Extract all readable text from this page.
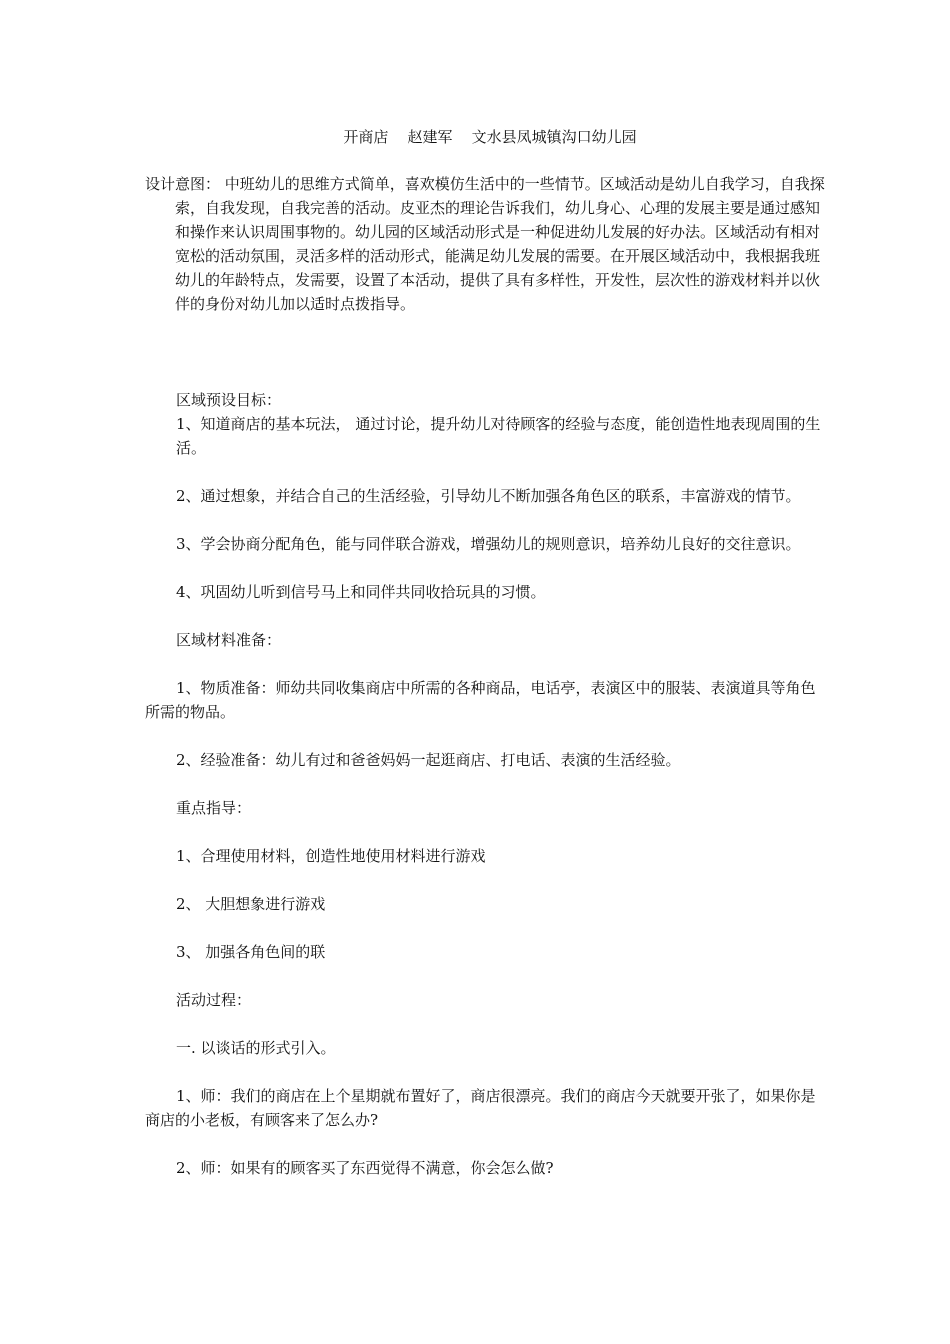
开商店    赵建军    文水县凤城镇沟口幼儿园

设计意图： 中班幼儿的思维方式简单，喜欢模仿生活中的一些情节。区域活动是幼儿自我学习，自我探索，自我发现，自我完善的活动。皮亚杰的理论告诉我们，幼儿身心、心理的发展主要是通过感知和操作来认识周围事物的。幼儿园的区域活动形式是一种促进幼儿发展的好办法。区域活动有相对宽松的活动氛围，灵活多样的活动形式，能满足幼儿发展的需要。在开展区域活动中，我根据我班幼儿的年龄特点，发需要，设置了本活动，提供了具有多样性，开发性，层次性的游戏材料并以伙伴的身份对幼儿加以适时点拨指导。

区域预设目标：

1、知道商店的基本玩法， 通过讨论，提升幼儿对待顾客的经验与态度，能创造性地表现周围的生活。

2、通过想象，并结合自己的生活经验，引导幼儿不断加强各角色区的联系，丰富游戏的情节。

3、学会协商分配角色，能与同伴联合游戏，增强幼儿的规则意识，培养幼儿良好的交往意识。

4、巩固幼儿听到信号马上和同伴共同收拾玩具的习惯。

区域材料准备：

1、物质准备：师幼共同收集商店中所需的各种商品，电话亭，表演区中的服装、表演道具等角色所需的物品。

2、经验准备：幼儿有过和爸爸妈妈一起逛商店、打电话、表演的生活经验。

重点指导：

1、合理使用材料，创造性地使用材料进行游戏

2、 大胆想象进行游戏

3、 加强各角色间的联

活动过程：

一. 以谈话的形式引入。

1、师：我们的商店在上个星期就布置好了，商店很漂亮。我们的商店今天就要开张了，如果你是商店的小老板，有顾客来了怎么办?

2、师：如果有的顾客买了东西觉得不满意，你会怎么做?
